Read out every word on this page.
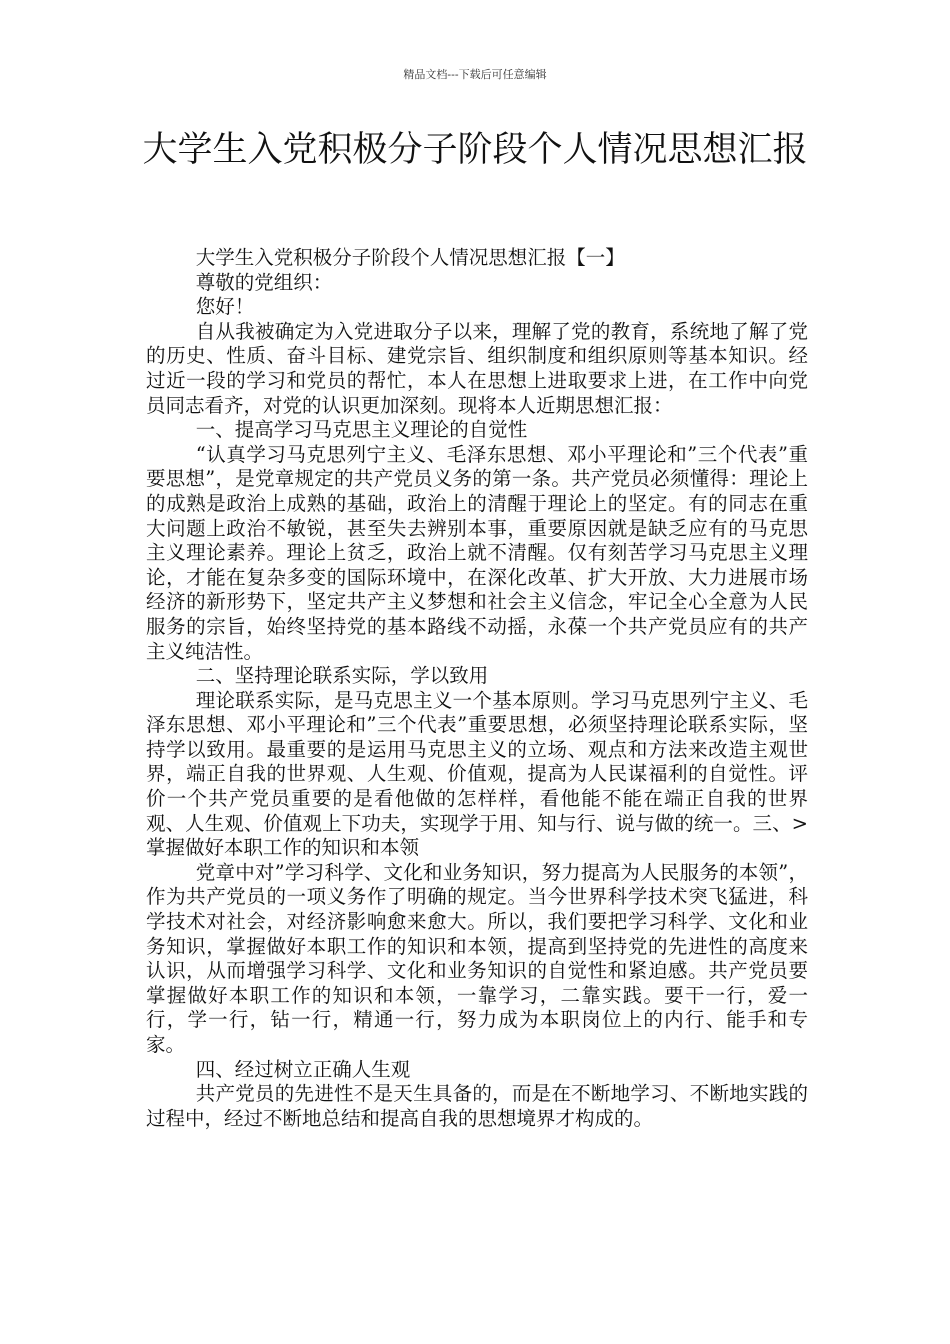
精品文档---下载后可任意编辑
大学生入党积极分子阶段个人情况思想汇报

大学生入党积极分子阶段个人情况思想汇报【一】

尊敬的党组织：

您好！

自从我被确定为入党进取分子以来，理解了党的教育，系统地了解了党的历史、性质、奋斗目标、建党宗旨、组织制度和组织原则等基本知识。经过近一段的学习和党员的帮忙，本人在思想上进取要求上进，在工作中向党员同志看齐，对党的认识更加深刻。现将本人近期思想汇报：

一、提高学习马克思主义理论的自觉性

“认真学习马克思列宁主义、毛泽东思想、邓小平理论和”三个代表”重要思想”，是党章规定的共产党员义务的第一条。共产党员必须懂得：理论上的成熟是政治上成熟的基础，政治上的清醒于理论上的坚定。有的同志在重大问题上政治不敏锐，甚至失去辨别本事，重要原因就是缺乏应有的马克思主义理论素养。理论上贫乏，政治上就不清醒。仅有刻苦学习马克思主义理论，才能在复杂多变的国际环境中，在深化改革、扩大开放、大力进展市场经济的新形势下，坚定共产主义梦想和社会主义信念，牢记全心全意为人民服务的宗旨，始终坚持党的基本路线不动摇，永葆一个共产党员应有的共产主义纯洁性。

二、坚持理论联系实际，学以致用

理论联系实际，是马克思主义一个基本原则。学习马克思列宁主义、毛泽东思想、邓小平理论和”三个代表”重要思想，必须坚持理论联系实际，坚持学以致用。最重要的是运用马克思主义的立场、观点和方法来改造主观世界，端正自我的世界观、人生观、价值观，提高为人民谋福利的自觉性。评价一个共产党员重要的是看他做的怎样样，看他能不能在端正自我的世界观、人生观、价值观上下功夫，实现学于用、知与行、说与做的统一。三、>掌握做好本职工作的知识和本领

党章中对”学习科学、文化和业务知识，努力提高为人民服务的本领”，作为共产党员的一项义务作了明确的规定。当今世界科学技术突飞猛进，科学技术对社会，对经济影响愈来愈大。所以，我们要把学习科学、文化和业务知识，掌握做好本职工作的知识和本领，提高到坚持党的先进性的高度来认识，从而增强学习科学、文化和业务知识的自觉性和紧迫感。共产党员要掌握做好本职工作的知识和本领，一靠学习，二靠实践。要干一行，爱一行，学一行，钻一行，精通一行，努力成为本职岗位上的内行、能手和专家。

四、经过树立正确人生观

共产党员的先进性不是天生具备的，而是在不断地学习、不断地实践的过程中，经过不断地总结和提高自我的思想境界才构成的。
